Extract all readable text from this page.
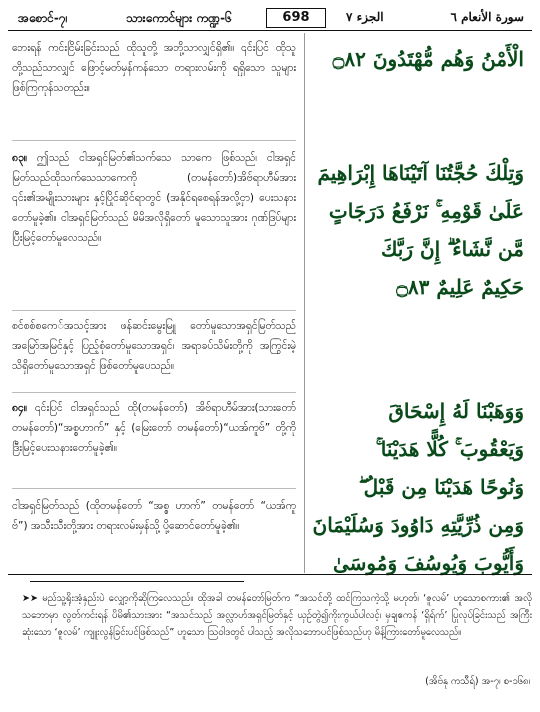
အစောင်-၇၊	သားကောင်များ ကဏ္ဍ-၆	698	الجزء ٧	سورة الأنعام ٦
ဘေးရန် ကင်းငြိမ်းခြင်းသည် ထိုသူတို့ အဘို့သာလျှင်ရှိ၏။ ၎င်းပြင် ထိုသူတို့သည်သာလျှင် ဖြောင့်မတ်မှန်ကန်သော တရားလမ်းကို ရရှိသော သူများ ဖြစ်ကြကုန်သတည်း။
၈၃။ ဤသည် ငါအရှင်မြတ်၏သက်သေ သာကေ ဖြစ်သည်၊ ငါအရှင်မြတ်သည်ထိုသက်သေသာကေကို (တမန်တော်)အိဗ်ရာဟီမ်အား ၎င်း၏အမျိုးသားများ နှင့်ပြိုင်ဆိုင်ရာတွင် (အနိုင်ရစေရန်အလို့ငှာ) ပေးသနားတော်မူခဲ့၏။ ငါအရှင်မြတ်သည် မိမိအလိုရှိတော် မူသောသူအား ဂုဏ်ဒြပ်များပြီးမြင့်တော်မူလေသည်။
စင်စစ်စကေ်အသင့်အား ဖန်ဆင်းမွေးမြူ တော်မူသောအရှင်မြတ်သည် အမြော်အမြင်နှင့် ပြည့်စုံတော်မူသောအရှင်၊ အရာခပ်သိမ်းတို့ကို အကြွင်းမဲ့ သိရှိတော်မူသောအရှင် ဖြစ်တော်မူပေသည်။
၈၄။ ၎င်းပြင် ငါအရှင်သည် ထို(တမန်တော်) အိဗ်ရာဟီမ်အား(သားတော် တမန်တော်)“အစ္စဟာက်” နှင့် (မြေးတော် တမန်တော်)“ယအ်ကူဗ်” တို့ကို ဒြီးမြင့်ပေးသနားတော်မူခဲ့၏။
ငါအရှင်မြတ်သည် (ထိုတမန်တော် “အစ္စ ဟာက်” တမန်တော် “ယအ်ကူဗ်”) အသီးသီးတို့အား တရားလမ်းမှန်သို့ ပို့ဆောင်တော်မူခဲ့၏။
الْأَمْنُ وَهُم مُّهْتَدُونَ ۝٨٢
وَتِلْكَ حُجَّتُنَا آتَيْنَاهَا إِبْرَاهِيمَ
عَلَىٰ قَوْمِهِ ۚ نَرْفَعُ دَرَجَاتٍ
مَّن نَّشَاءُ ۗ إِنَّ رَبَّكَ
حَكِيمٌ عَلِيمٌ ۝٨٣
وَوَهَبْنَا لَهُ إِسْحَاقَ
وَيَعْقُوبَ ۚ كُلًّا هَدَيْنَا ۚ
وَنُوحًا هَدَيْنَا مِن قَبْلُ ۖ
وَمِن ذُرِّيَّتِهِ دَاوُودَ وَسُلَيْمَانَ
وَأَيُّوبَ وَيُوسُفَ وَمُوسَىٰ
➤➤ မည်သူ့ရိုးအံ့နှည်းပဲ လျှော့ကိုဆိုကြလေသည်။ ထိုအခါ တမန်တော်မြတ်က “အသင်တို့ ထင်ကြသကဲ့သို့ မဟုတ်၊ ‘ဇူလမ်’ ဟူသောစကား၏ အလိုသဘောမှာ လွတ်ကင်းရန် ပိမိ၏သားအား “အသင်သည် အလ္လာဟ်အရှင်မြတ်နှင့် ယှဉ်တွဲ၍ကိုးကွယ်ပါလင့်၊ မှချဧကန် ‘ရှိရ်က်’ ပြုလုပ်ခြင်းသည် အကြီးဆုံးသော ‘ဇူလမ်’ ကျူးလွန်ခြင်းပင်ဖြစ်သည်” ဟူသော သြဝါဒတွင် ပါသည့် အလိုသဘောပင်ဖြစ်သည်ဟု မိန့်ကြားတော်မူလေသည်။
(အိဗ်နု ကသီရ်) အ-၇၊ စ-၁၆၈၊
